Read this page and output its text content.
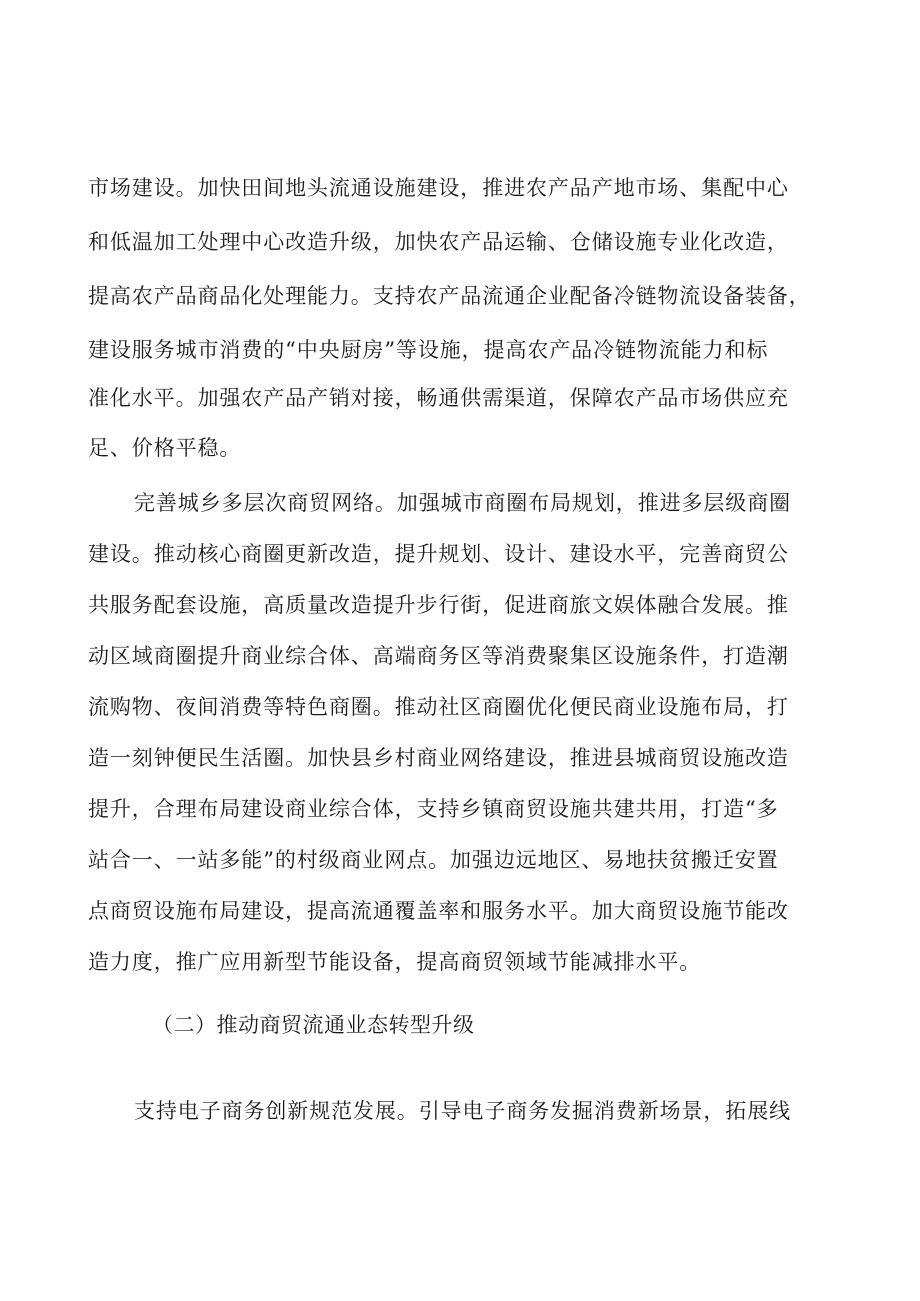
市场建设。加快田间地头流通设施建设，推进农产品产地市场、集配中心
和低温加工处理中心改造升级，加快农产品运输、仓储设施专业化改造，
提高农产品商品化处理能力。支持农产品流通企业配备冷链物流设备装备，
建设服务城市消费的“中央厨房”等设施，提高农产品冷链物流能力和标
准化水平。加强农产品产销对接，畅通供需渠道，保障农产品市场供应充
足、价格平稳。
完善城乡多层次商贸网络。加强城市商圈布局规划，推进多层级商圈
建设。推动核心商圈更新改造，提升规划、设计、建设水平，完善商贸公
共服务配套设施，高质量改造提升步行街，促进商旅文娱体融合发展。推
动区域商圈提升商业综合体、高端商务区等消费聚集区设施条件，打造潮
流购物、夜间消费等特色商圈。推动社区商圈优化便民商业设施布局，打
造一刻钟便民生活圈。加快县乡村商业网络建设，推进县城商贸设施改造
提升，合理布局建设商业综合体，支持乡镇商贸设施共建共用，打造“多
站合一、一站多能”的村级商业网点。加强边远地区、易地扶贫搬迁安置
点商贸设施布局建设，提高流通覆盖率和服务水平。加大商贸设施节能改
造力度，推广应用新型节能设备，提高商贸领域节能减排水平。
（二）推动商贸流通业态转型升级
支持电子商务创新规范发展。引导电子商务发掘消费新场景，拓展线
